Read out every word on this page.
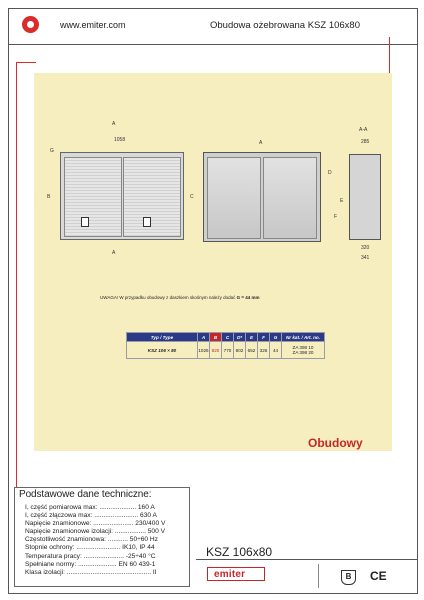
www.emiter.com	Obudowa ożebrowana KSZ 106x80
1058
A
A
B
G
A
C
A-A
285
320
341
E
F
D
UWAGA! W przypadku obudowy z daszkiem skośnym należy dodać G = 44 mm
Typ / Type	A	B	C	D*	E	F	G	Nr kat. / Art. no.
KSZ 106 × 80	1026	820	770	802	652	326	44	ZA 398 10
ZA 398 20
Obudowy
Podstawowe dane techniczne:
I, część pomiarowa max: .................... 160 A
I, część złączowa max: ........................ 630 A
Napięcie znamionowe: ...................... 230/400 V
Napięcie znamionowe izolacji: ................. 500 V
Częstotliwość znamionowa: ........... 50÷60 Hz
Stopnie ochrony: ........................ IK10, IP 44
Temperatura pracy: ...................... -25÷40 °C
Spełniane normy: ..................... EN 60 439-1
Klasa izolacji: .............................................. II
KSZ 106x80
emiter	B	CE
